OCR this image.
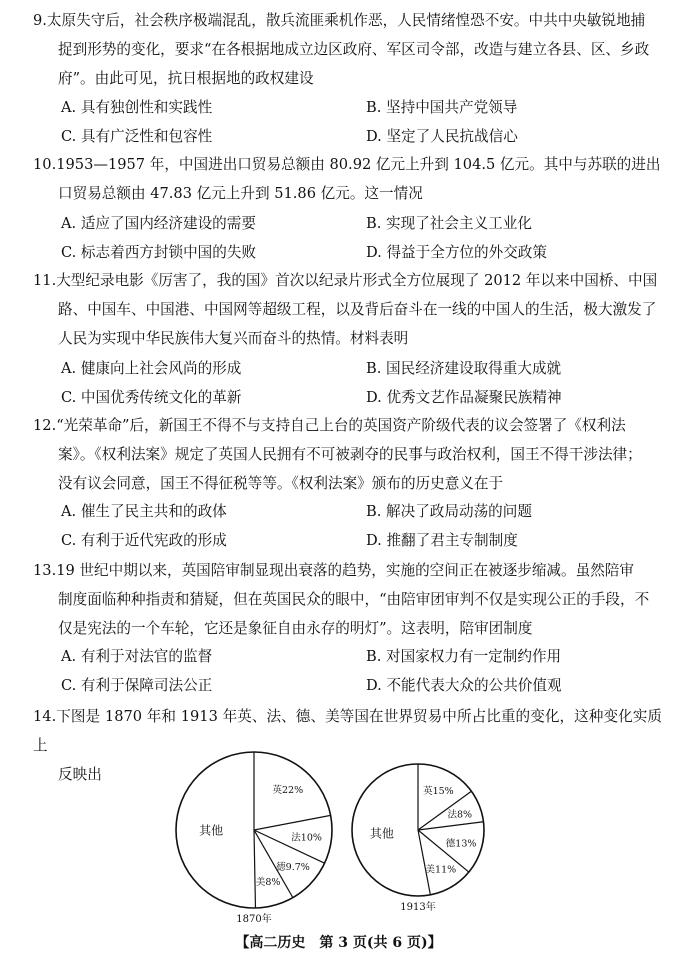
9.太原失守后，社会秩序极端混乱，散兵流匪乘机作恶，人民情绪惶恐不安。中共中央敏锐地捕
捉到形势的变化，要求“在各根据地成立边区政府、军区司令部，改造与建立各县、区、乡政
府”。由此可见，抗日根据地的政权建设
A. 具有独创性和实践性	B. 坚持中国共产党领导
C. 具有广泛性和包容性	D. 坚定了人民抗战信心
10.1953—1957 年，中国进出口贸易总额由 80.92 亿元上升到 104.5 亿元。其中与苏联的进出
口贸易总额由 47.83 亿元上升到 51.86 亿元。这一情况
A. 适应了国内经济建设的需要	B. 实现了社会主义工业化
C. 标志着西方封锁中国的失败	D. 得益于全方位的外交政策
11.大型纪录电影《厉害了，我的国》首次以纪录片形式全方位展现了 2012 年以来中国桥、中国
路、中国车、中国港、中国网等超级工程，以及背后奋斗在一线的中国人的生活，极大激发了
人民为实现中华民族伟大复兴而奋斗的热情。材料表明
A. 健康向上社会风尚的形成	B. 国民经济建设取得重大成就
C. 中国优秀传统文化的革新	D. 优秀文艺作品凝聚民族精神
12.“光荣革命”后，新国王不得不与支持自己上台的英国资产阶级代表的议会签署了《权利法
案》。《权利法案》规定了英国人民拥有不可被剥夺的民事与政治权利，国王不得干涉法律；
没有议会同意，国王不得征税等等。《权利法案》颁布的历史意义在于
A. 催生了民主共和的政体	B. 解决了政局动荡的问题
C. 有利于近代宪政的形成	D. 推翻了君主专制制度
13.19 世纪中期以来，英国陪审制显现出衰落的趋势，实施的空间正在被逐步缩减。虽然陪审
制度面临种种指责和猜疑，但在英国民众的眼中，“由陪审团审判不仅是实现公正的手段，不
仅是宪法的一个车轮，它还是象征自由永存的明灯”。这表明，陪审团制度
A. 有利于对法官的监督	B. 对国家权力有一定制约作用
C. 有利于保障司法公正	D. 不能代表大众的公共价值观
14.下图是 1870 年和 1913 年英、法、德、美等国在世界贸易中所占比重的变化，这种变化实质上
反映出
英22%
法10%
德9.7%
美8%
其他
1870年
英15%
法8%
德13%
美11%
其他
1913年
【高二历史　第 3 页(共 6 页)】
